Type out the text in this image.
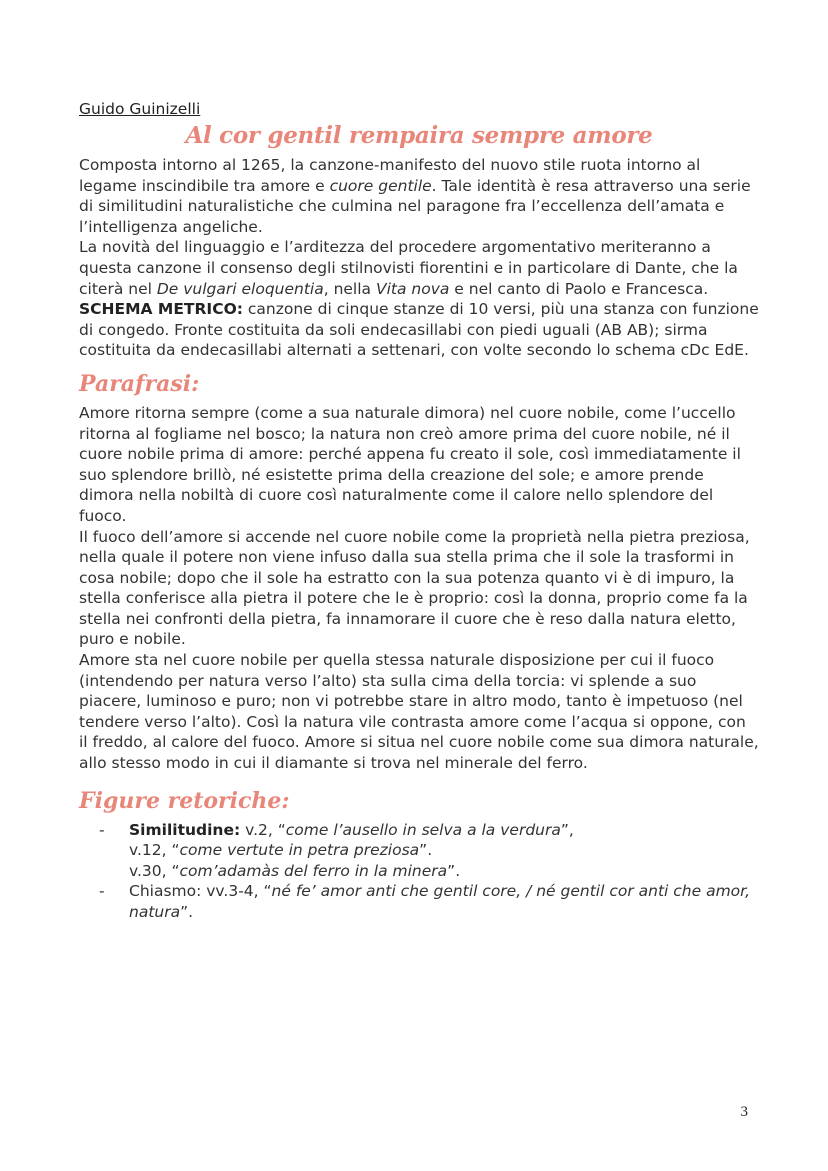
Guido Guinizelli
Al cor gentil rempaira sempre amore

Composta intorno al 1265, la canzone-manifesto del nuovo stile ruota intorno al legame inscindibile tra amore e cuore gentile. Tale identità è resa attraverso una serie di similitudini naturalistiche che culmina nel paragone fra l’eccellenza dell’amata e l’intelligenza angeliche.

La novità del linguaggio e l’arditezza del procedere argomentativo meriteranno a questa canzone il consenso degli stilnovisti fiorentini e in particolare di Dante, che la citerà nel De vulgari eloquentia, nella Vita nova e nel canto di Paolo e Francesca.

SCHEMA METRICO: canzone di cinque stanze di 10 versi, più una stanza con funzione di congedo. Fronte costituita da soli endecasillabi con piedi uguali (AB AB); sirma costituita da endecasillabi alternati a settenari, con volte secondo lo schema cDc EdE.

Parafrasi:

Amore ritorna sempre (come a sua naturale dimora) nel cuore nobile, come l’uccello ritorna al fogliame nel bosco; la natura non creò amore prima del cuore nobile, né il cuore nobile prima di amore: perché appena fu creato il sole, così immediatamente il suo splendore brillò, né esistette prima della creazione del sole; e amore prende dimora nella nobiltà di cuore così naturalmente come il calore nello splendore del fuoco.

Il fuoco dell’amore si accende nel cuore nobile come la proprietà nella pietra preziosa, nella quale il potere non viene infuso dalla sua stella prima che il sole la trasformi in cosa nobile; dopo che il sole ha estratto con la sua potenza quanto vi è di impuro, la stella conferisce alla pietra il potere che le è proprio: così la donna, proprio come fa la stella nei confronti della pietra, fa innamorare il cuore che è reso dalla natura eletto, puro e nobile.

Amore sta nel cuore nobile per quella stessa naturale disposizione per cui il fuoco (intendendo per natura verso l’alto) sta sulla cima della torcia: vi splende a suo piacere, luminoso e puro; non vi potrebbe stare in altro modo, tanto è impetuoso (nel tendere verso l’alto). Così la natura vile contrasta amore come l’acqua si oppone, con il freddo, al calore del fuoco. Amore si situa nel cuore nobile come sua dimora naturale, allo stesso modo in cui il diamante si trova nel minerale del ferro.

Figure retoriche:
- Similitudine: v.2, “come l’ausello in selva a la verdura”,
v.12, “come vertute in petra preziosa”.
v.30, “com’adamàs del ferro in la minera”.
- Chiasmo: vv.3-4, “né fe’ amor anti che gentil core, / né gentil cor anti che amor, natura”.
3
